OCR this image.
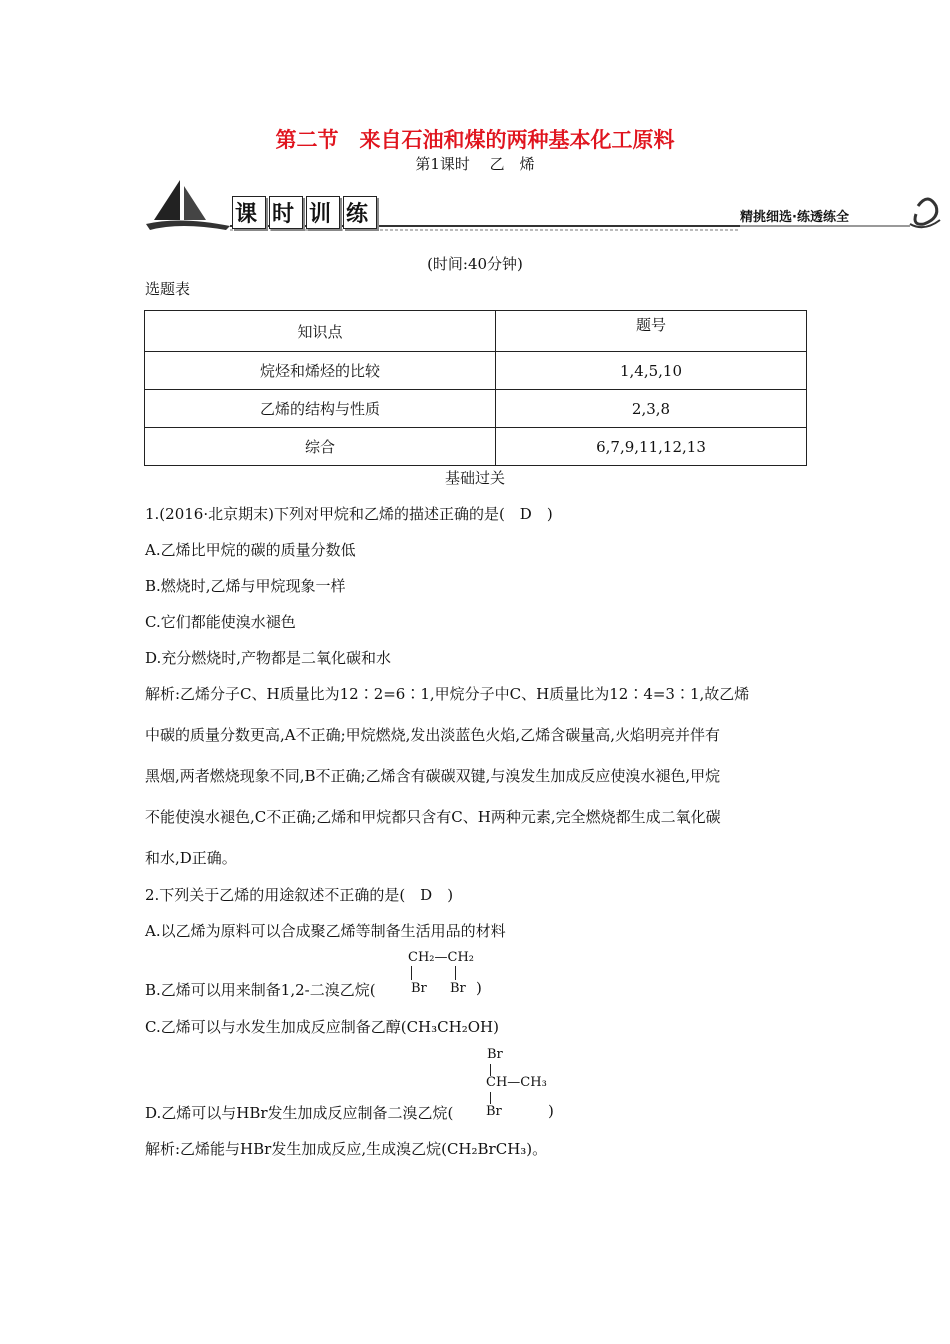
第二节　来自石油和煤的两种基本化工原料
第1课时　 乙　烯
课 时 训 练	精挑细选·练透练全
(时间:40分钟)
选题表
知识点	题号
烷烃和烯烃的比较	1,4,5,10
乙烯的结构与性质	2,3,8
综合	6,7,9,11,12,13
基础过关
1.(2016·北京期末)下列对甲烷和乙烯的描述正确的是(　D　)
A.乙烯比甲烷的碳的质量分数低
B.燃烧时,乙烯与甲烷现象一样
C.它们都能使溴水褪色
D.充分燃烧时,产物都是二氧化碳和水
解析:乙烯分子C、H质量比为12∶2=6∶1,甲烷分子中C、H质量比为12∶4=3∶1,故乙烯
中碳的质量分数更高,A不正确;甲烷燃烧,发出淡蓝色火焰,乙烯含碳量高,火焰明亮并伴有
黑烟,两者燃烧现象不同,B不正确;乙烯含有碳碳双键,与溴发生加成反应使溴水褪色,甲烷
不能使溴水褪色,C不正确;乙烯和甲烷都只含有C、H两种元素,完全燃烧都生成二氧化碳
和水,D正确。
2.下列关于乙烯的用途叙述不正确的是(　D　)
A.以乙烯为原料可以合成聚乙烯等制备生活用品的材料
CH₂—CH₂
B.乙烯可以用来制备1,2-二溴乙烷(	Br Br )
C.乙烯可以与水发生加成反应制备乙醇(CH₃CH₂OH)
Br
CH—CH₃
D.乙烯可以与HBr发生加成反应制备二溴乙烷(	Br	)
解析:乙烯能与HBr发生加成反应,生成溴乙烷(CH₂BrCH₃)。
